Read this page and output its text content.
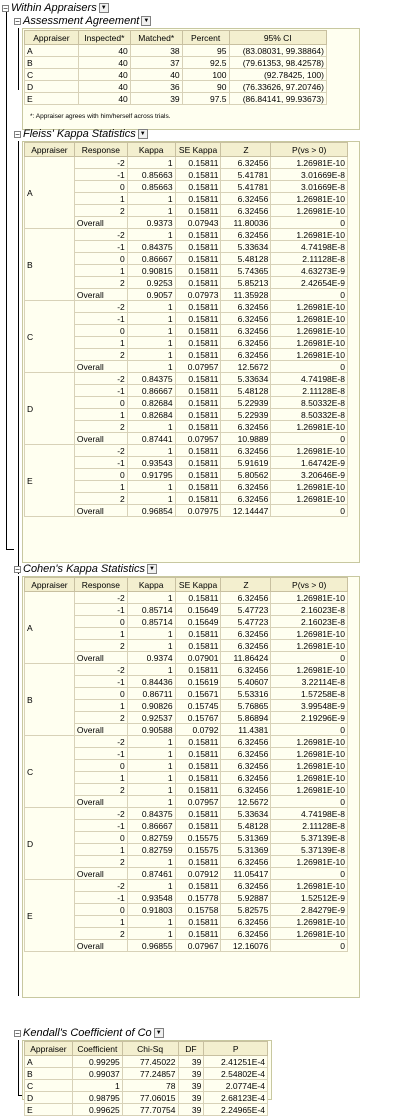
− Within Appraisers ▼
− Assessment Agreement ▼
Appraiser	Inspected*	Matched*	Percent	95% CI
A	40	38	95	(83.08031, 99.38864)
B	40	37	92.5	(79.61353, 98.42578)
C	40	40	100	(92.78425, 100)
D	40	36	90	(76.33626, 97.20746)
E	40	39	97.5	(86.84141, 99.93673)
*: Appraiser agrees with him/herself across trials.
− Fleiss' Kappa Statistics ▼
Appraiser	Response	Kappa	SE Kappa	Z	P(vs > 0)
A	-2	1	0.15811	6.32456	1.26981E-10
	-1	0.85663	0.15811	5.41781	3.01669E-8
	0	0.85663	0.15811	5.41781	3.01669E-8
	1	1	0.15811	6.32456	1.26981E-10
	2	1	0.15811	6.32456	1.26981E-10
	Overall	0.9373	0.07943	11.80036	0
B	-2	1	0.15811	6.32456	1.26981E-10
	-1	0.84375	0.15811	5.33634	4.74198E-8
	0	0.86667	0.15811	5.48128	2.11128E-8
	1	0.90815	0.15811	5.74365	4.63273E-9
	2	0.9253	0.15811	5.85213	2.42654E-9
	Overall	0.9057	0.07973	11.35928	0
C	-2	1	0.15811	6.32456	1.26981E-10
	-1	1	0.15811	6.32456	1.26981E-10
	0	1	0.15811	6.32456	1.26981E-10
	1	1	0.15811	6.32456	1.26981E-10
	2	1	0.15811	6.32456	1.26981E-10
	Overall	1	0.07957	12.5672	0
D	-2	0.84375	0.15811	5.33634	4.74198E-8
	-1	0.86667	0.15811	5.48128	2.11128E-8
	0	0.82684	0.15811	5.22939	8.50332E-8
	1	0.82684	0.15811	5.22939	8.50332E-8
	2	1	0.15811	6.32456	1.26981E-10
	Overall	0.87441	0.07957	10.9889	0
E	-2	1	0.15811	6.32456	1.26981E-10
	-1	0.93543	0.15811	5.91619	1.64742E-9
	0	0.91795	0.15811	5.80562	3.20646E-9
	1	1	0.15811	6.32456	1.26981E-10
	2	1	0.15811	6.32456	1.26981E-10
	Overall	0.96854	0.07975	12.14447	0
− Cohen's Kappa Statistics ▼
Appraiser	Response	Kappa	SE Kappa	Z	P(vs > 0)
A	-2	1	0.15811	6.32456	1.26981E-10
	-1	0.85714	0.15649	5.47723	2.16023E-8
	0	0.85714	0.15649	5.47723	2.16023E-8
	1	1	0.15811	6.32456	1.26981E-10
	2	1	0.15811	6.32456	1.26981E-10
	Overall	0.9374	0.07901	11.86424	0
B	-2	1	0.15811	6.32456	1.26981E-10
	-1	0.84436	0.15619	5.40607	3.22114E-8
	0	0.86711	0.15671	5.53316	1.57258E-8
	1	0.90826	0.15745	5.76865	3.99548E-9
	2	0.92537	0.15767	5.86894	2.19296E-9
	Overall	0.90588	0.0792	11.4381	0
C	-2	1	0.15811	6.32456	1.26981E-10
	-1	1	0.15811	6.32456	1.26981E-10
	0	1	0.15811	6.32456	1.26981E-10
	1	1	0.15811	6.32456	1.26981E-10
	2	1	0.15811	6.32456	1.26981E-10
	Overall	1	0.07957	12.5672	0
D	-2	0.84375	0.15811	5.33634	4.74198E-8
	-1	0.86667	0.15811	5.48128	2.11128E-8
	0	0.82759	0.15575	5.31369	5.37139E-8
	1	0.82759	0.15575	5.31369	5.37139E-8
	2	1	0.15811	6.32456	1.26981E-10
	Overall	0.87461	0.07912	11.05417	0
E	-2	1	0.15811	6.32456	1.26981E-10
	-1	0.93548	0.15778	5.92887	1.52512E-9
	0	0.91803	0.15758	5.82575	2.84279E-9
	1	1	0.15811	6.32456	1.26981E-10
	2	1	0.15811	6.32456	1.26981E-10
	Overall	0.96855	0.07967	12.16076	0
− Kendall's Coefficient of Co ▼
Appraiser	Coefficient	Chi-Sq	DF	P
A	0.99295	77.45022	39	2.41251E-4
B	0.99037	77.24857	39	2.54802E-4
C	1	78	39	2.0774E-4
D	0.98795	77.06015	39	2.68123E-4
E	0.99625	77.70754	39	2.24965E-4
